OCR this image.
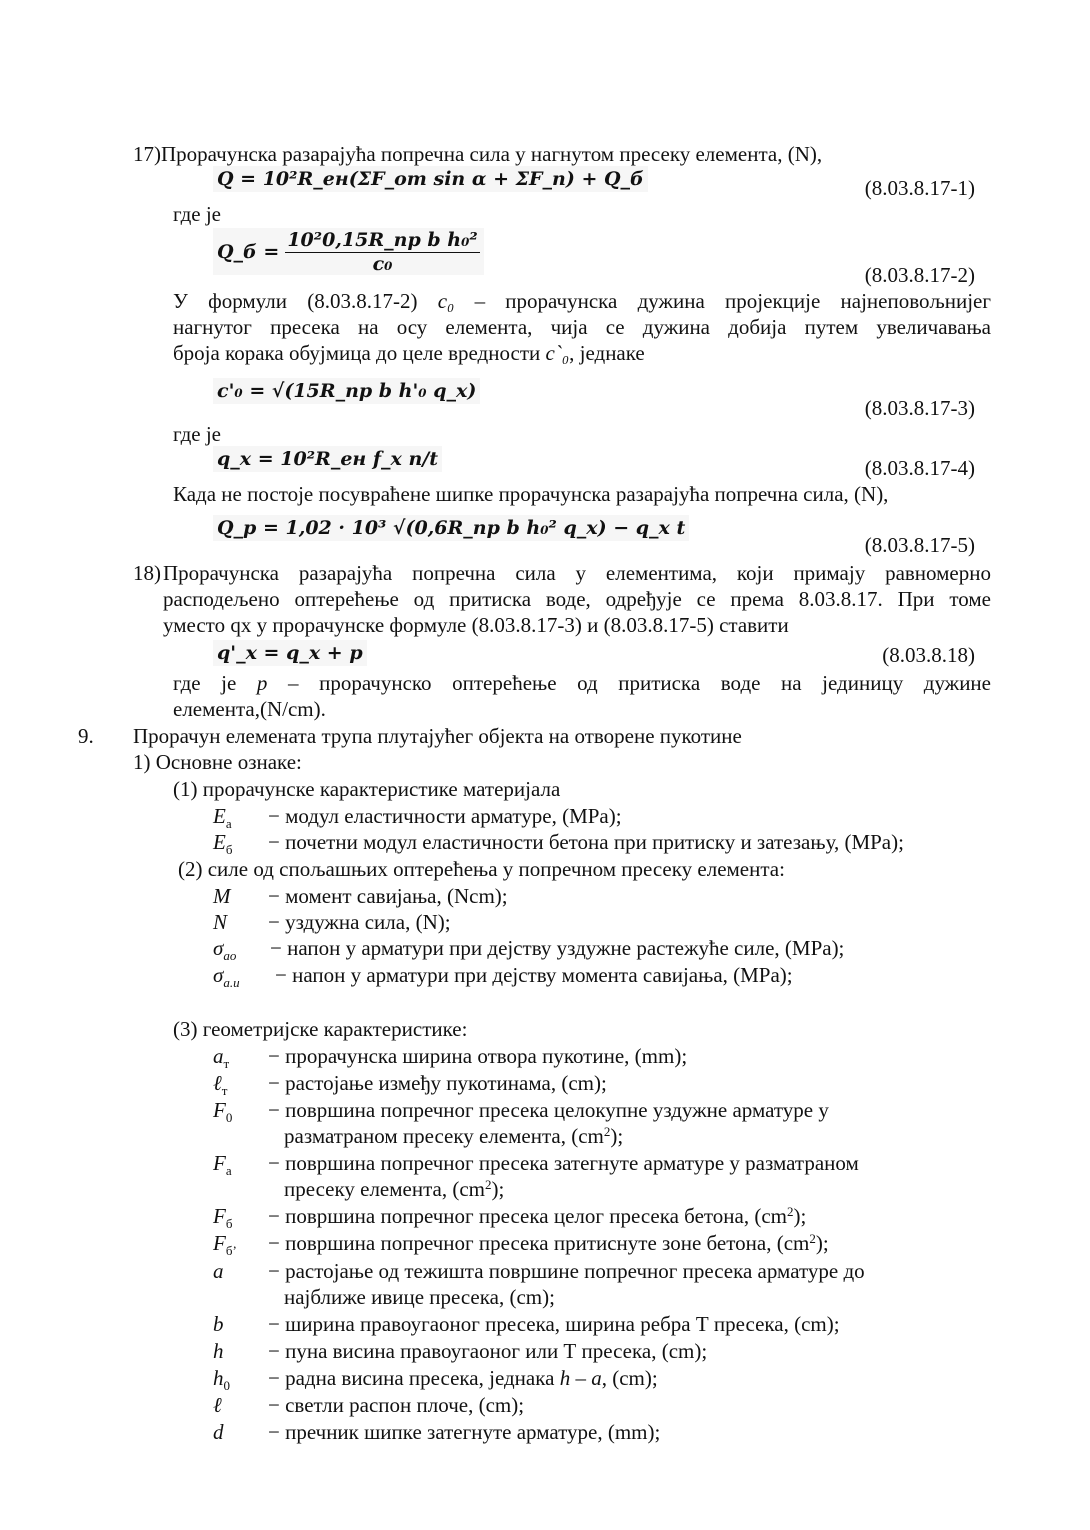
17)Прорачунска разарајућа попречна сила у нагнутом пресеку елемента, (N),
Q = 10²R_ен(ΣF_от sin α + ΣF_п) + Q_б	(8.03.8.17-1)
где је
Q_б = $\frac{\text{10²0,15R\_пр b h₀²}}{\text{c₀}}$	(8.03.8.17-2)
У формули (8.03.8.17-2) c₀ – прорачунска дужина пројекције најнеповољнијег
нагнутог пресека на осу елемента, чија се дужина добија путем увеличавања
броја корака обујмица до целе вредности c`₀, једнаке
c'₀ = √(15R_пр b h'₀ q_x)
(8.03.8.17-3)
где је
q_x = 10²R_ен f_x n/t	(8.03.8.17-4)
Када не постоје посувраћене шипке прорачунска разарајућа попречна сила, (N),
Q_р = 1,02 · 10³ √(0,6R_пр b h₀² q_x) − q_x t
(8.03.8.17-5)
18) Прорачунска разарајућа попречна сила у елементима, који примају равномерно
расподељено оптерећење од притиска воде, одређује се према 8.03.8.17. При томе
уместо qx у прорачунске формуле (8.03.8.17-3) и (8.03.8.17-5) ставити
q'_x = q_x + p	(8.03.8.18)
где је p – прорачунско оптерећење од притиска воде на јединицу дужине
елемента,(N/cm).
9. Прорачун елемената трупа плутајућег објекта на отворене пукотине
1) Основне ознаке:
(1) прорачунске карактеристике материјала
$E_а$ − модул еластичности арматуре, (MPa);
$E_б$ − почетни модул еластичности бетона при притиску и затезању, (MPa);
(2) силе од спољашњих оптерећења у попречном пресеку елемента:
M − момент савијања, (Ncm);
N − уздужна сила, (N);
$\sigma_{ао}$ − напон у арматури при дејству уздужне растежуће силе, (MPa);
$\sigma_{а.и}$ − напон у арматури при дејству момента савијања, (MPa);
(3) геометријске карактеристике:
$a_т$ − прорачунска ширина отвора пукотине, (mm);
ℓ$_т$ − растојање између пукотинама, (cm);
$F_0$ − површина попречног пресека целокупне уздужне арматуре у
разматраном пресеку елемента, $(cm^2)$;
$F_а$ − површина попречног пресека затегнуте арматуре у разматраном
пресеку елемента, $(cm^2)$;
$F_б$ − површина попречног пресека целог пресека бетона, $(cm^2)$;
$F_{б’}$ − површина попречног пресека притиснуте зоне бетона, $(cm^2)$;
a − растојање од тежишта површине попречног пресека арматуре до
најближе ивице пресека, (cm);
b − ширина правоугаоног пресека, ширина ребра Т пресека, (cm);
h − пуна висина правоугаоног или Т пресека, (cm);
$h_0$ − радна висина пресека, једнака h – a, (cm);
ℓ − светли распон плоче, (cm);
d − пречник шипке затегнуте арматуре, (mm);
